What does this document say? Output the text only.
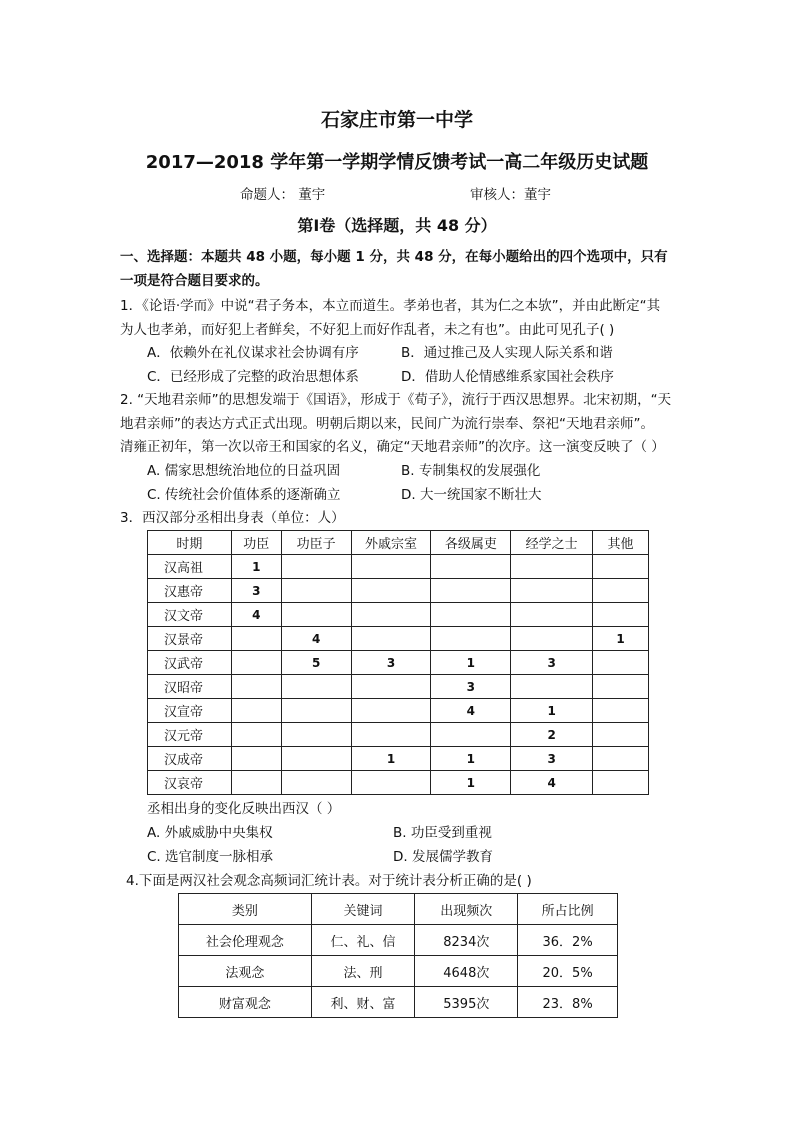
石家庄市第一中学
2017—2018 学年第一学期学情反馈考试一高二年级历史试题
命题人： 董宇	审核人：董宇
第Ⅰ卷（选择题，共 48 分）
一、选择题：本题共 48 小题，每小题 1 分，共 48 分，在每小题给出的四个选项中，只有
一项是符合题目要求的。
1．《论语·学而》中说“君子务本，本立而道生。孝弟也者，其为仁之本欤”，并由此断定“其
为人也孝弟，而好犯上者鲜矣，不好犯上而好作乱者，未之有也”。由此可见孔子( )
A．依赖外在礼仪谋求社会协调有序	B．通过推己及人实现人际关系和谐
C．已经形成了完整的政治思想体系	D．借助人伦情感维系家国社会秩序
2. “天地君亲师”的思想发端于《国语》，形成于《荀子》，流行于西汉思想界。北宋初期，“天
地君亲师”的表达方式正式出现。明朝后期以来，民间广为流行崇奉、祭祀“天地君亲师”。
清雍正初年，第一次以帝王和国家的名义，确定“天地君亲师”的次序。这一演变反映了（ ）
A. 儒家思想统治地位的日益巩固	B. 专制集权的发展强化
C. 传统社会价值体系的逐渐确立	D. 大一统国家不断壮大
3．西汉部分丞相出身表（单位：人）
时期	功臣	功臣子	外戚宗室	各级属吏	经学之士	其他
汉高祖	1					
汉惠帝	3					
汉文帝	4					
汉景帝		4				1
汉武帝		5	3	1	3	
汉昭帝				3		
汉宣帝				4	1	
汉元帝					2	
汉成帝			1	1	3	
汉哀帝				1	4	
丞相出身的变化反映出西汉（ ）
A. 外戚威胁中央集权	B. 功臣受到重视
C. 选官制度一脉相承	D. 发展儒学教育
4.下面是两汉社会观念高频词汇统计表。对于统计表分析正确的是( )
类别	关键词	出现频次	所占比例
社会伦理观念	仁、礼、信	8234次	36．2%
法观念	法、刑	4648次	20．5%
财富观念	利、财、富	5395次	23．8%
